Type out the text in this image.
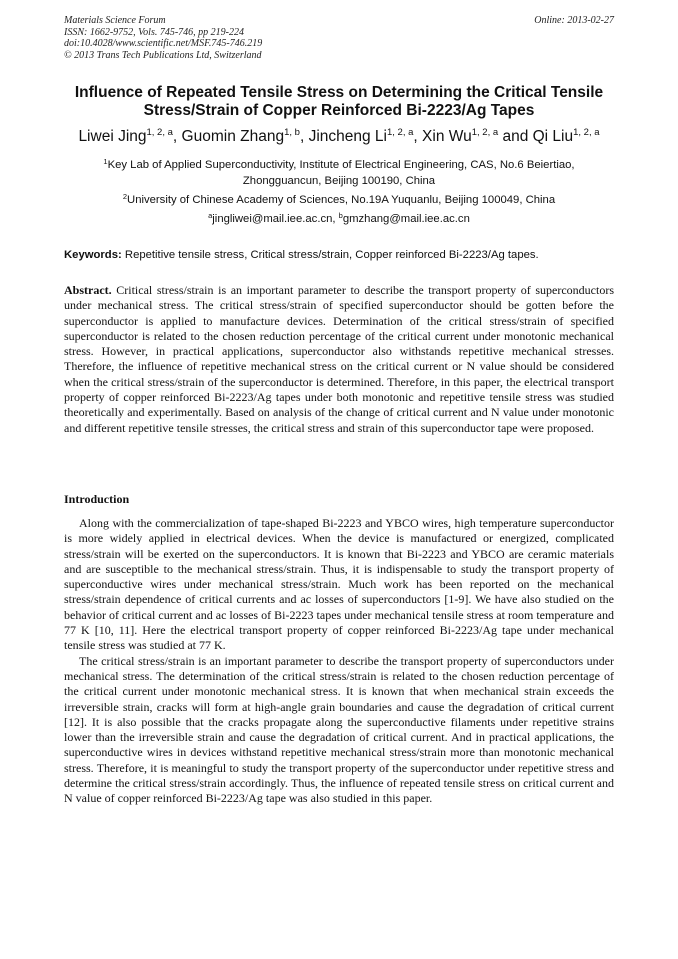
Materials Science Forum
ISSN: 1662-9752, Vols. 745-746, pp 219-224
doi:10.4028/www.scientific.net/MSF.745-746.219
© 2013 Trans Tech Publications Ltd, Switzerland
Online: 2013-02-27
Influence of Repeated Tensile Stress on Determining the Critical Tensile Stress/Strain of Copper Reinforced Bi-2223/Ag Tapes
Liwei Jing$^{1, 2, a}$, Guomin Zhang$^{1, b}$, Jincheng Li$^{1, 2, a}$, Xin Wu$^{1, 2, a}$ and Qi Liu$^{1, 2, a}$
$^1$Key Lab of Applied Superconductivity, Institute of Electrical Engineering, CAS, No.6 Beiertiao, Zhongguancun, Beijing 100190, China
$^2$University of Chinese Academy of Sciences, No.19A Yuquanlu, Beijing 100049, China
$^a$jingliwei@mail.iee.ac.cn, $^b$gmzhang@mail.iee.ac.cn
Keywords: Repetitive tensile stress, Critical stress/strain, Copper reinforced Bi-2223/Ag tapes.
Abstract. Critical stress/strain is an important parameter to describe the transport property of superconductors under mechanical stress. The critical stress/strain of specified superconductor should be gotten before the superconductor is applied to manufacture devices. Determination of the critical stress/strain of specified superconductor is related to the chosen reduction percentage of the critical current under monotonic mechanical stress. However, in practical applications, superconductor also withstands repetitive mechanical stresses. Therefore, the influence of repetitive mechanical stress on the critical current or N value should be considered when the critical stress/strain of the superconductor is determined. Therefore, in this paper, the electrical transport property of copper reinforced Bi-2223/Ag tapes under both monotonic and repetitive tensile stress was studied theoretically and experimentally. Based on analysis of the change of critical current and N value under monotonic and different repetitive tensile stresses, the critical stress and strain of this superconductor tape were proposed.
Introduction

Along with the commercialization of tape-shaped Bi-2223 and YBCO wires, high temperature superconductor is more widely applied in electrical devices. When the device is manufactured or energized, complicated stress/strain will be exerted on the superconductors. It is known that Bi-2223 and YBCO are ceramic materials and are susceptible to the mechanical stress/strain. Thus, it is indispensable to study the transport property of superconductive wires under mechanical stress/strain. Much work has been reported on the mechanical stress/strain dependence of critical currents and ac losses of superconductors [1-9]. We have also studied on the behavior of critical current and ac losses of Bi-2223 tapes under mechanical tensile stress at room temperature and 77 K [10, 11]. Here the electrical transport property of copper reinforced Bi-2223/Ag tape under mechanical tensile stress was studied at 77 K.

The critical stress/strain is an important parameter to describe the transport property of superconductors under mechanical stress. The determination of the critical stress/strain is related to the chosen reduction percentage of the critical current under monotonic mechanical stress. It is known that when mechanical strain exceeds the irreversible strain, cracks will form at high-angle grain boundaries and cause the degradation of critical current [12]. It is also possible that the cracks propagate along the superconductive filaments under repetitive strains lower than the irreversible strain and cause the degradation of critical current. And in practical applications, the superconductive wires in devices withstand repetitive mechanical stress/strain more than monotonic mechanical stress. Therefore, it is meaningful to study the transport property of the superconductor under repetitive stress and determine the critical stress/strain accordingly. Thus, the influence of repeated tensile stress on critical current and N value of copper reinforced Bi-2223/Ag tape was also studied in this paper.
